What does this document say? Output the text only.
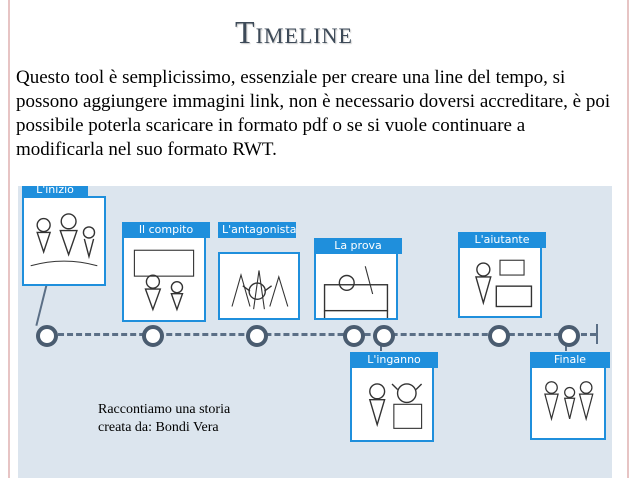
Timeline

Questo tool è semplicissimo, essenziale per creare una line del tempo, si possono aggiungere immagini link, non è necessario doversi accreditare, è poi possibile poterla scaricare in formato pdf o se si vuole continuare a modificarla nel suo formato RWT.

L'inizio
Il compito	L'antagonista
La prova
L'inganno
L'aiutante
Finale
Raccontiamo una storia
creata da: Bondi Vera
